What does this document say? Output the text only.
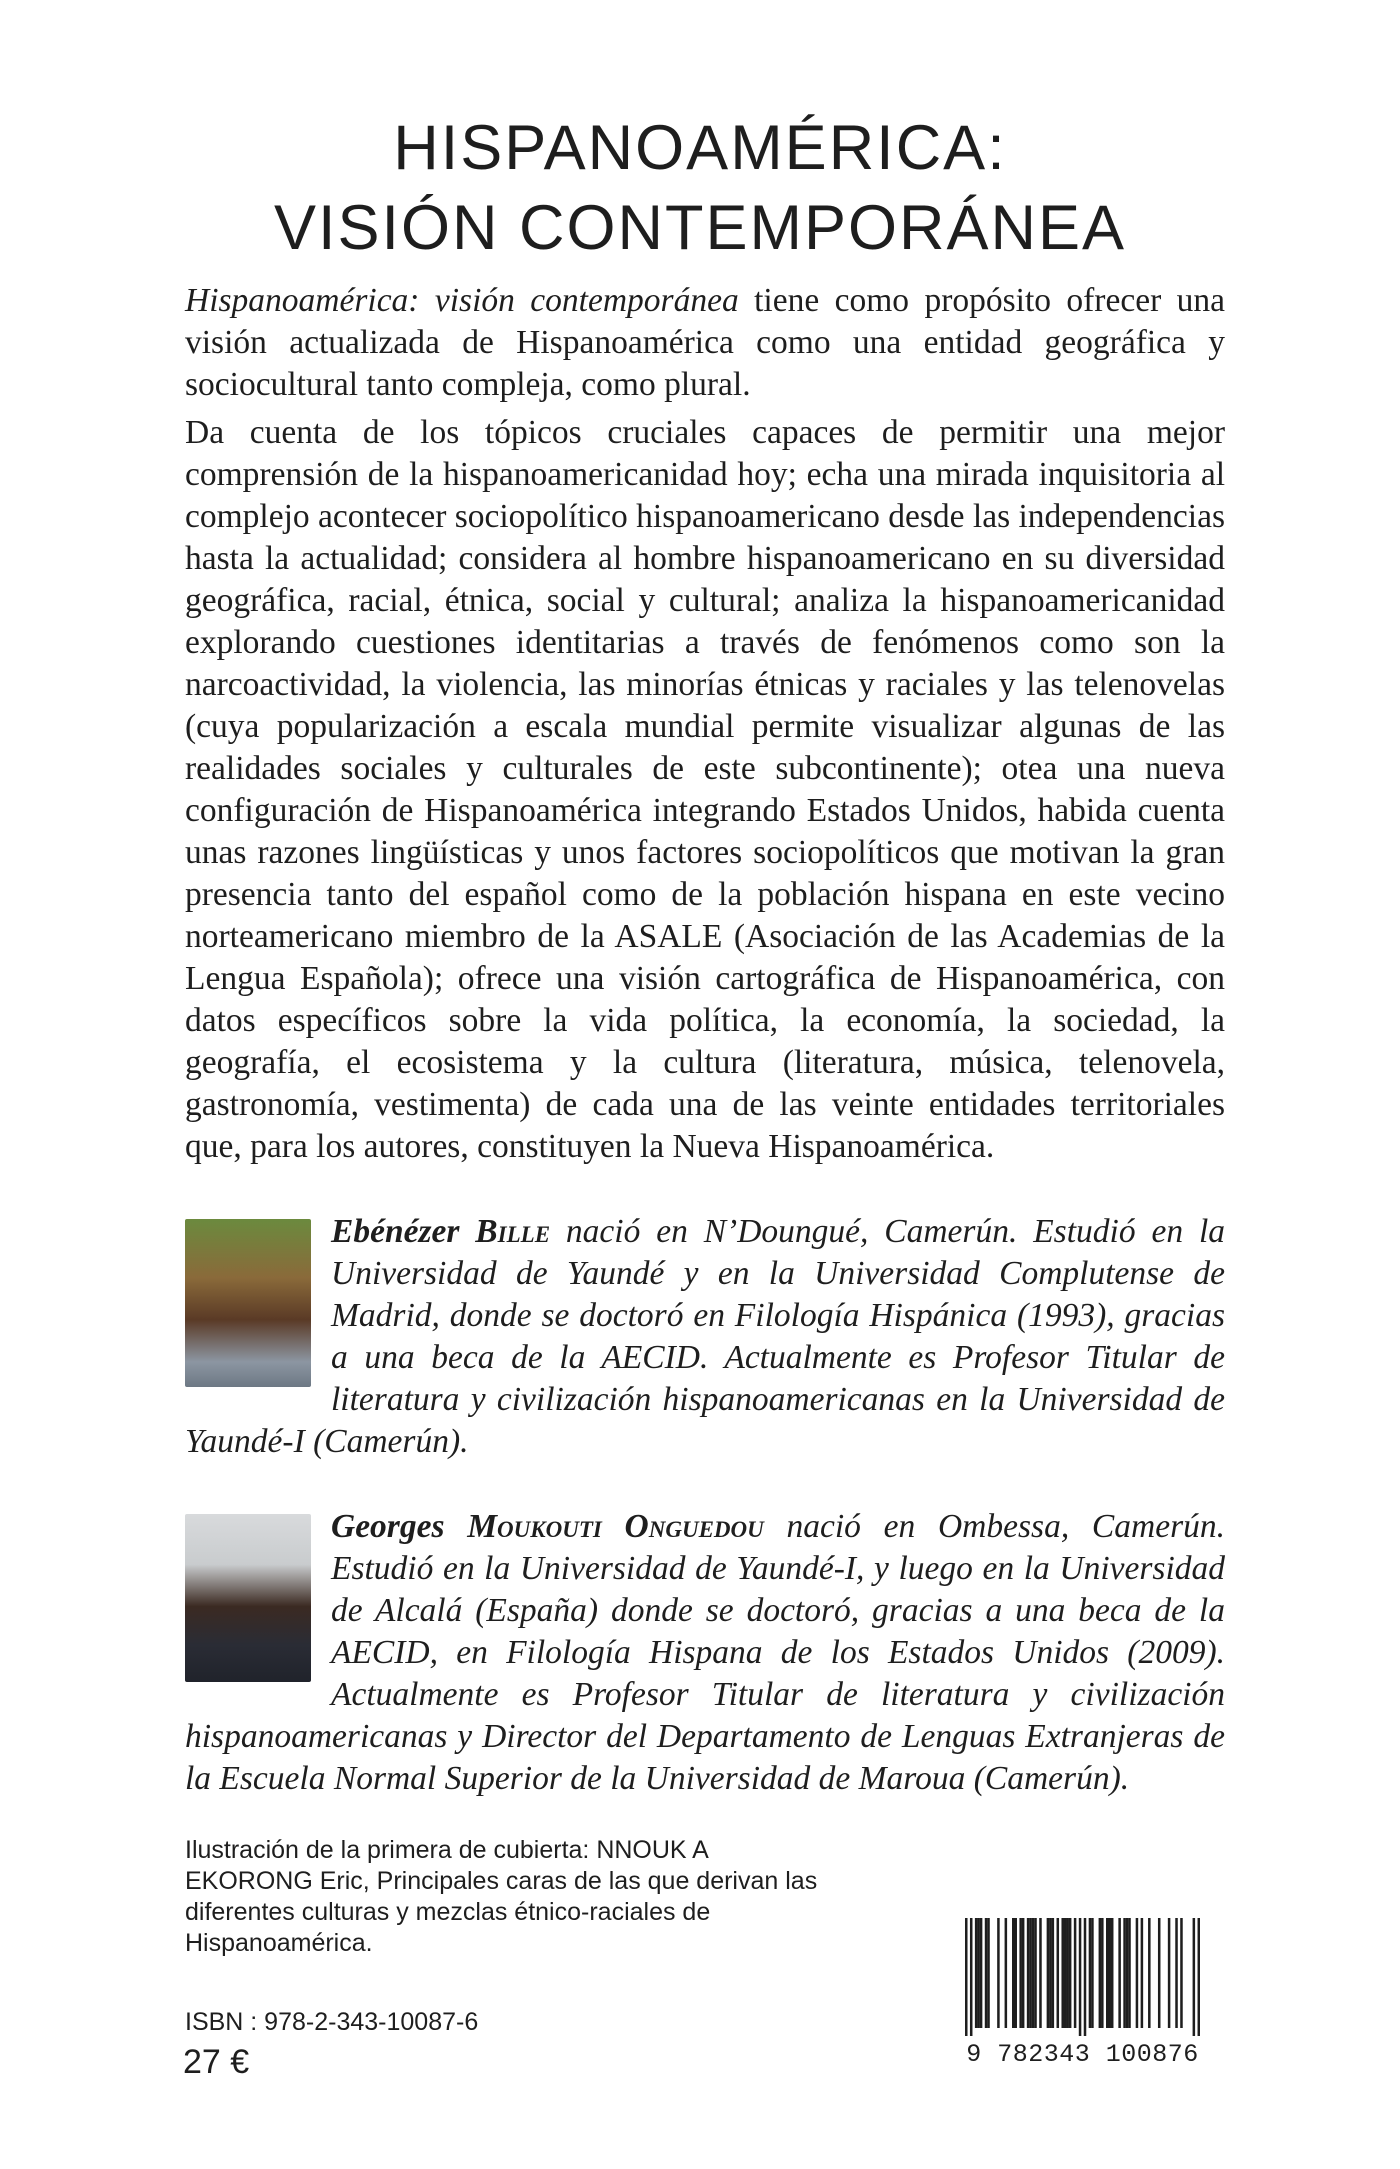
HISPANOAMÉRICA:
VISIÓN CONTEMPORÁNEA

Hispanoamérica: visión contemporánea tiene como propósito ofrecer una visión actualizada de Hispanoamérica como una entidad geográfica y sociocultural tanto compleja, como plural.

Da cuenta de los tópicos cruciales capaces de permitir una mejor comprensión de la hispanoamericanidad hoy; echa una mirada inquisitoria al complejo acontecer sociopolítico hispanoamericano desde las independencias hasta la actualidad; considera al hombre hispanoamericano en su diversidad geográfica, racial, étnica, social y cultural; analiza la hispanoamericanidad explorando cuestiones identitarias a través de fenómenos como son la narcoactividad, la violencia, las minorías étnicas y raciales y las telenovelas (cuya popularización a escala mundial permite visualizar algunas de las realidades sociales y culturales de este subcontinente); otea una nueva configuración de Hispanoamérica integrando Estados Unidos, habida cuenta unas razones lingüísticas y unos factores sociopolíticos que motivan la gran presencia tanto del español como de la población hispana en este vecino norteamericano miembro de la ASALE (Asociación de las Academias de la Lengua Española); ofrece una visión cartográfica de Hispanoamérica, con datos específicos sobre la vida política, la economía, la sociedad, la geografía, el ecosistema y la cultura (literatura, música, telenovela, gastronomía, vestimenta) de cada una de las veinte entidades territoriales que, para los autores, constituyen la Nueva Hispanoamérica.

Ebénézer Bille nació en N’Doungué, Camerún. Estudió en la Universidad de Yaundé y en la Universidad Complutense de Madrid, donde se doctoró en Filología Hispánica (1993), gracias a una beca de la AECID. Actualmente es Profesor Titular de literatura y civilización hispanoamericanas en la Universidad de Yaundé-I (Camerún).
Georges Moukouti Onguedou nació en Ombessa, Camerún. Estudió en la Universidad de Yaundé-I, y luego en la Universidad de Alcalá (España) donde se doctoró, gracias a una beca de la AECID, en Filología Hispana de los Estados Unidos (2009). Actualmente es Profesor Titular de literatura y civilización hispanoamericanas y Director del Departamento de Lenguas Extranjeras de la Escuela Normal Superior de la Universidad de Maroua (Camerún).
Ilustración de la primera de cubierta: NNOUK A EKORONG Eric, Principales caras de las que derivan las diferentes culturas y mezclas étnico-raciales de Hispanoamérica.
ISBN : 978-2-343-10087-6
27 €	9 782343 100876
